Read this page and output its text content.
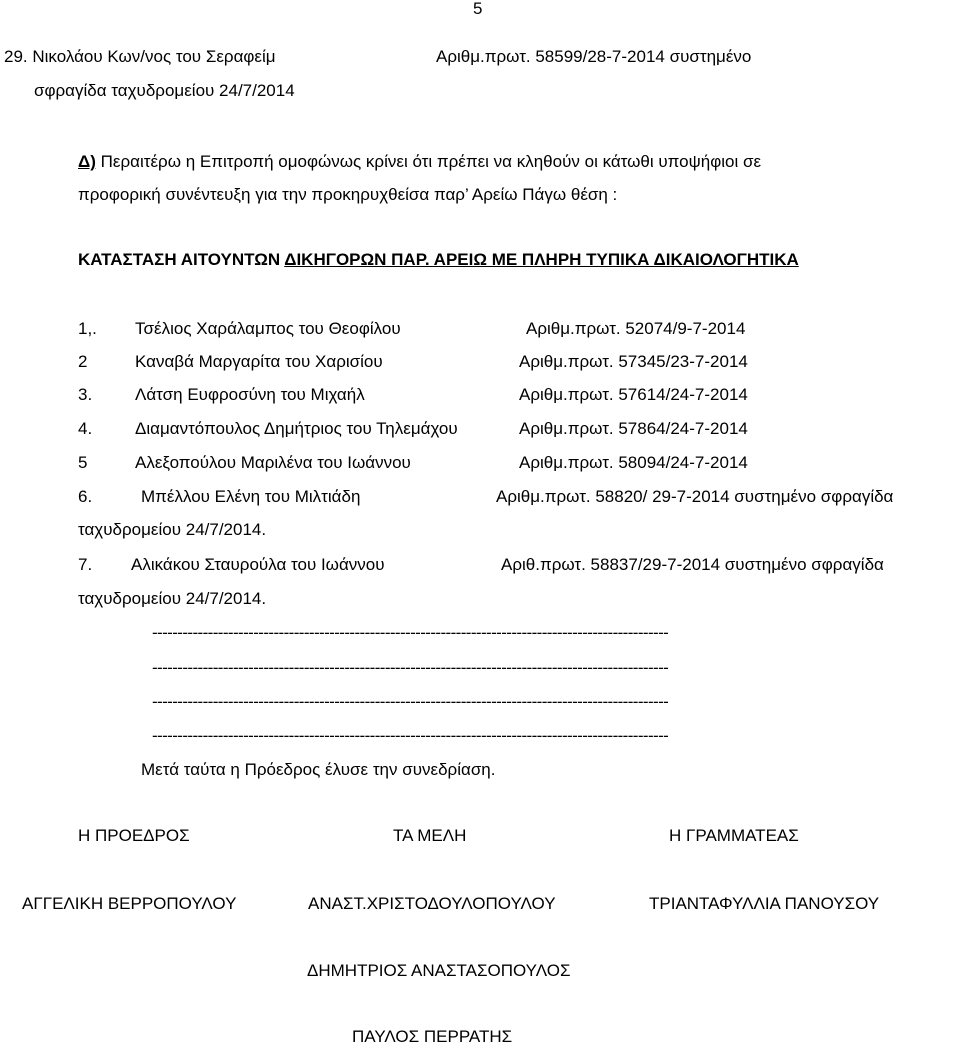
5
29. Νικολάου Κων/νος του Σεραφείμ	Αριθμ.πρωτ. 58599/28-7-2014 συστημένο
σφραγίδα ταχυδρομείου 24/7/2014
Δ) Περαιτέρω η Επιτροπή ομοφώνως κρίνει ότι πρέπει να κληθούν οι κάτωθι υποψήφιοι σε
προφορική συνέντευξη για την προκηρυχθείσα παρ’ Αρείω Πάγω θέση :
ΚΑΤΑΣΤΑΣΗ ΑΙΤΟΥΝΤΩΝ ΔΙΚΗΓΟΡΩΝ ΠΑΡ. ΑΡΕΙΩ ΜΕ ΠΛΗΡΗ ΤΥΠΙΚΑ ΔΙΚΑΙΟΛΟΓΗΤΙΚΑ
1,. Τσέλιος Χαράλαμπος του Θεοφίλου	Αριθμ.πρωτ. 52074/9-7-2014
2	Καναβά Μαργαρίτα του Χαρισίου	Αριθμ.πρωτ. 57345/23-7-2014
3.	Λάτση Ευφροσύνη του Μιχαήλ	Αριθμ.πρωτ. 57614/24-7-2014
4.	Διαμαντόπουλος Δημήτριος του Τηλεμάχου	Αριθμ.πρωτ. 57864/24-7-2014
5	Αλεξοπούλου Μαριλένα του Ιωάννου	Αριθμ.πρωτ. 58094/24-7-2014
6.	Μπέλλου Ελένη του Μιλτιάδη	Αριθμ.πρωτ. 58820/ 29-7-2014 συστημένο σφραγίδα
ταχυδρομείου 24/7/2014.
7. Αλικάκου Σταυρούλα του Ιωάννου	Αριθ.πρωτ. 58837/29-7-2014 συστημένο σφραγίδα
ταχυδρομείου 24/7/2014.
------------------------------------------------------------------------------------------------------
------------------------------------------------------------------------------------------------------
------------------------------------------------------------------------------------------------------
------------------------------------------------------------------------------------------------------
Μετά ταύτα η Πρόεδρος έλυσε την συνεδρίαση.
Η ΠΡΟΕΔΡΟΣ	ΤΑ ΜΕΛΗ	Η ΓΡΑΜΜΑΤΕΑΣ
ΑΓΓΕΛΙΚΗ ΒΕΡΡΟΠΟΥΛΟΥ	ΑΝΑΣΤ.ΧΡΙΣΤΟΔΟΥΛΟΠΟΥΛΟΥ	ΤΡΙΑΝΤΑΦΥΛΛΙΑ ΠΑΝΟΥΣΟΥ
ΔΗΜΗΤΡΙΟΣ ΑΝΑΣΤΑΣΟΠΟΥΛΟΣ
ΠΑΥΛΟΣ ΠΕΡΡΑΤΗΣ
